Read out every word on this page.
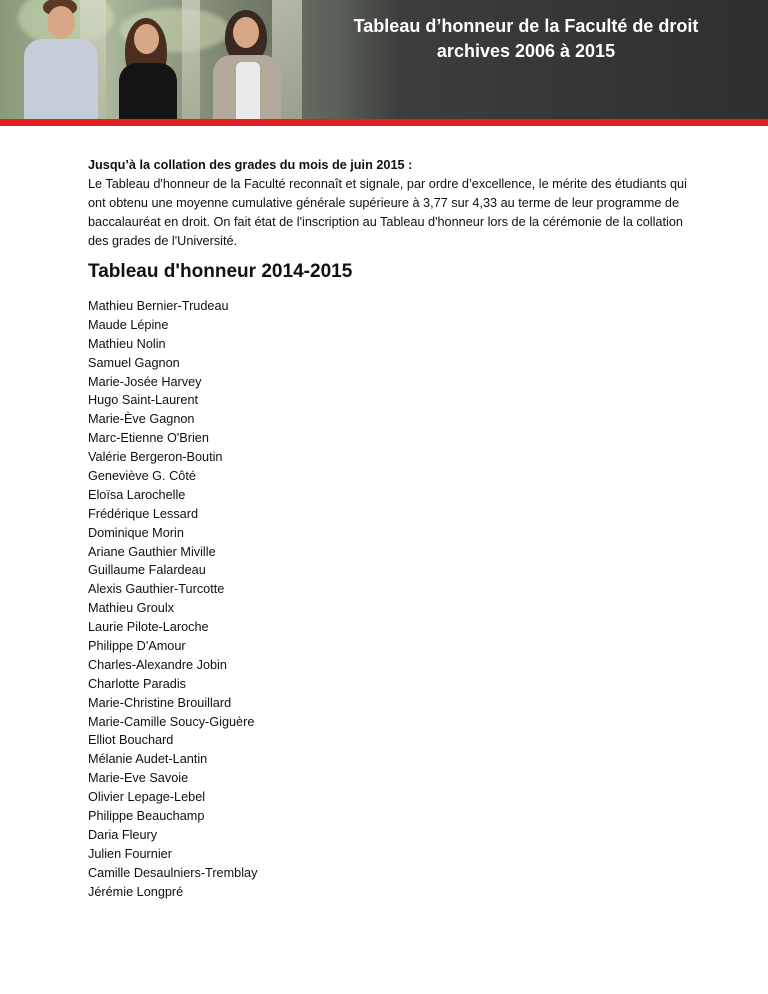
Tableau d’honneur de la Faculté de droit
archives 2006 à 2015

Jusqu’à la collation des grades du mois de juin 2015 :

Le Tableau d'honneur de la Faculté reconnaît et signale, par ordre d’excellence, le mérite des étudiants qui ont obtenu une moyenne cumulative générale supérieure à 3,77 sur 4,33 au terme de leur programme de baccalauréat en droit. On fait état de l'inscription au Tableau d'honneur lors de la cérémonie de la collation des grades de l'Université.

Tableau d'honneur 2014-2015
Mathieu Bernier-Trudeau
Maude Lépine
Mathieu Nolin
Samuel Gagnon
Marie-Josée Harvey
Hugo Saint-Laurent
Marie-Ève Gagnon
Marc-Etienne O'Brien
Valérie Bergeron-Boutin
Geneviève G. Côté
Eloïsa Larochelle
Frédérique Lessard
Dominique Morin
Ariane Gauthier Miville
Guillaume Falardeau
Alexis Gauthier-Turcotte
Mathieu Groulx
Laurie Pilote-Laroche
Philippe D'Amour
Charles-Alexandre Jobin
Charlotte Paradis
Marie-Christine Brouillard
Marie-Camille Soucy-Giguère
Elliot Bouchard
Mélanie Audet-Lantin
Marie-Eve Savoie
Olivier Lepage-Lebel
Philippe Beauchamp
Daria Fleury
Julien Fournier
Camille Desaulniers-Tremblay
Jérémie Longpré
